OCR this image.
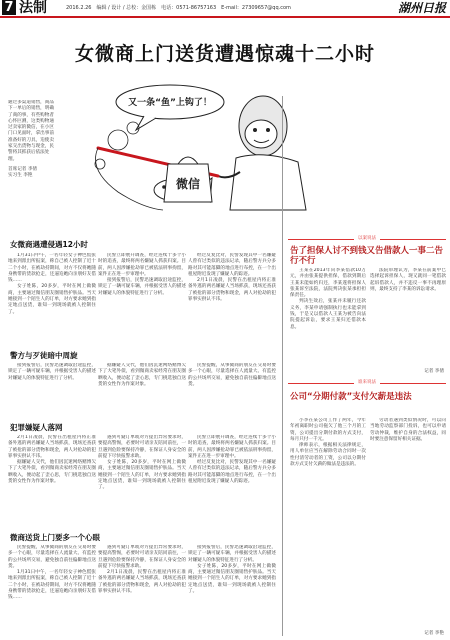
7 法制	2016.2.26　编辑 / 设计 / 总校：金国栋　电话：0571-86757163　E-mail：27309657@qq.com	湖州日报
女微商上门送货遭遇惊魂十二小时
又一条“鱼”上钩了！
微信
通过多渠道销售，商品下一单后的销售，明确了商的事，有些购物者心怀叵测，这类购物通过卖家的微信，在小区门口见面时，拿出事前准备好的刀具，迫使卖家交出货物与现金，民警将其抓获后依法处理。
首席记者 李倩
实习生 李艳
女微商遇遭侵遇12小时

1月31日中午，一名年轻女子神色慌张地来到派出所报案，称自己被人控制了近十二个小时，在被劫持期间，对方不仅将她随身携带的货款抢走，还逼迫她向亲朋好友借钱……

女子姓陈，20多岁，平时在网上做微商，主要通过微信朋友圈销售护肤品。当天她接到一个陌生人的订单，对方要求她到指定地点送货，谁知一到现场就被人控制住了。

民警立即展开调查，经过连续十多个小时的追查，最终将两名嫌疑人抓获归案。目前，两人因涉嫌抢劫罪已被依法刑事拘留，案件正在进一步审理中。

接到报警后，民警迅速调取沿途监控，锁定了一辆可疑车辆，并根据受害人的描述对嫌疑人的体貌特征进行了分析。

经过反复比对，民警发现其中一名嫌疑人曾有过类似的违法记录，随后警方兵分多路对其可能落脚的地点进行布控，在一个出租屋附近发现了嫌疑人的踪迹。

2月1日凌晨，民警在出租屋内将正准备外逃的两名嫌疑人当场抓获，现场还查获了被抢的部分货物和现金，两人对抢劫的犯罪事实供认不讳。

警方与歹徒暗中周旋

接到报警后，民警迅速调取沿途监控，锁定了一辆可疑车辆，并根据受害人的描述对嫌疑人的体貌特征进行了分析。

据嫌疑人交代，他们因沉迷网络赌博欠下了大笔外债，看到微商卖家经常在朋友圈晒收入，便动起了歪心思，专门挑选独自送货的女性作为作案对象。

民警提醒，从事微商的朋友在交易时要多一个心眼，尽量选择在人流量大、有监控的公共场所交易，避免独自前往偏僻地点送货。

犯罪嫌疑人落网

2月1日凌晨，民警在出租屋内将正准备外逃的两名嫌疑人当场抓获，现场还查获了被抢的部分货物和现金，两人对抢劫的犯罪事实供认不讳。

据嫌疑人交代，他们因沉迷网络赌博欠下了大笔外债，看到微商卖家经常在朋友圈晒收入，便动起了歪心思，专门挑选独自送货的女性作为作案对象。

遇到可疑订单或对方提出异常要求时，要提高警惕，必要时可请亲友陪同前往，一旦遇到危险要保持冷静，在保证人身安全的前提下尽快报警求助。

女子姓陈，20多岁，平时在网上做微商，主要通过微信朋友圈销售护肤品。当天她接到一个陌生人的订单，对方要求她到指定地点送货，谁知一到现场就被人控制住了。

民警立即展开调查，经过连续十多个小时的追查，最终将两名嫌疑人抓获归案。目前，两人因涉嫌抢劫罪已被依法刑事拘留，案件正在进一步审理中。

经过反复比对，民警发现其中一名嫌疑人曾有过类似的违法记录，随后警方兵分多路对其可能落脚的地点进行布控，在一个出租屋附近发现了嫌疑人的踪迹。

微商送货上门要多一个心眼

民警提醒，从事微商的朋友在交易时要多一个心眼，尽量选择在人流量大、有监控的公共场所交易，避免独自前往偏僻地点送货。

1月31日中午，一名年轻女子神色慌张地来到派出所报案，称自己被人控制了近十二个小时，在被劫持期间，对方不仅将她随身携带的货款抢走，还逼迫她向亲朋好友借钱……

遇到可疑订单或对方提出异常要求时，要提高警惕，必要时可请亲友陪同前往，一旦遇到危险要保持冷静，在保证人身安全的前提下尽快报警求助。

2月1日凌晨，民警在出租屋内将正准备外逃的两名嫌疑人当场抓获，现场还查获了被抢的部分货物和现金，两人对抢劫的犯罪事实供认不讳。

接到报警后，民警迅速调取沿途监控，锁定了一辆可疑车辆，并根据受害人的描述对嫌疑人的体貌特征进行了分析。

女子姓陈，20多岁，平时在网上做微商，主要通过微信朋友圈销售护肤品。当天她接到一个陌生人的订单，对方要求她到指定地点送货，谁知一到现场就被人控制住了。

以案说法
告了担保人讨不到钱又告借款人一事二告行不行

王某在2013年向李某借款10万元，并由张某提供担保，借款到期后王某未能如约归还，李某遂将担保人张某诉至法院，法院判决张某承担担保责任。

判决生效后，张某并未履行还款义务，李某申请强制执行也未能拿到钱，于是又以借款人王某为被告向法院提起诉讼，要求王某归还借款本息。

法院审理认为，李某在前案中已选择起诉担保人，现又就同一笔借款起诉借款人，并不违反一事不再理原则，最终支持了李某的诉讼请求。

记者 李倩
谁来说法
公司“分期付款”支付欠薪是违法

小李在某公司工作了两年，今年年初离职时公司拖欠了他三个月的工资，公司提出分期付款的方式支付，每月只付一千元。

律师表示，根据相关法律规定，用人单位应当在解除劳动合同时一次性付清劳动者的工资，公司以分期付款方式支付欠薪的做法是违法的。

劳动者遇到类似情况时，可以向当地劳动监察部门投诉，也可以申请劳动仲裁，维护自身的合法权益，同时要注意保留好相关证据。

记者 李艳
